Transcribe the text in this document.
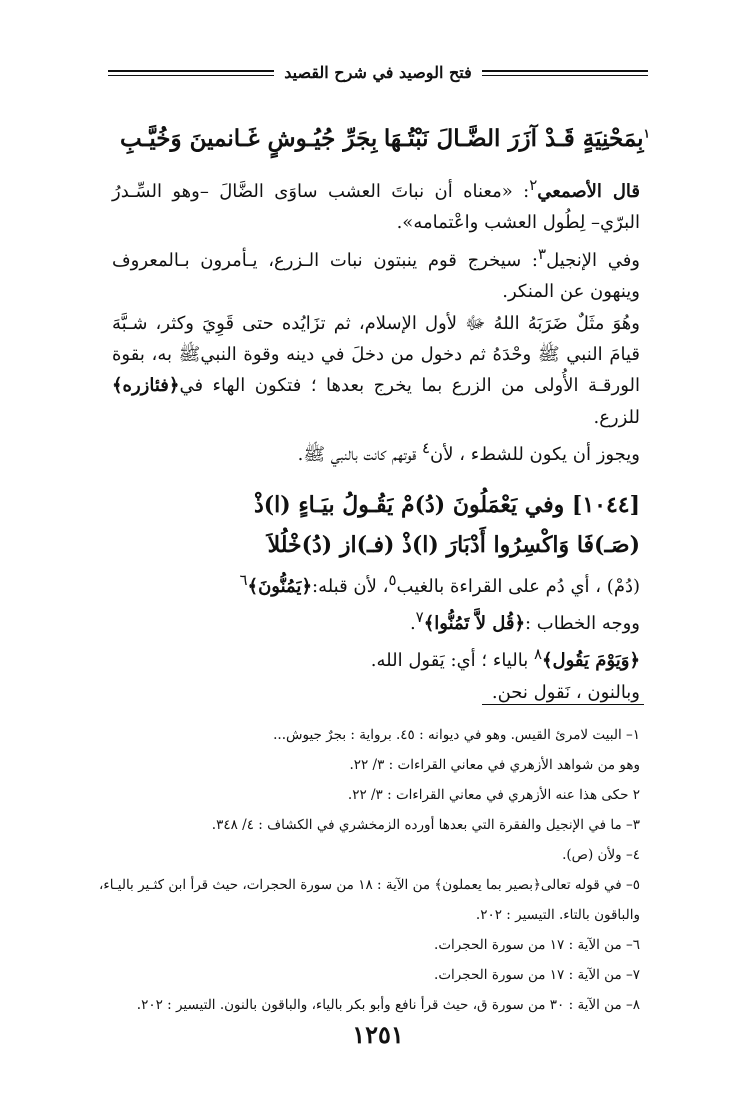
فتح الوصيد في شرح القصيد
$^١$بِمَحْنِيَةٍ قَـدْ آزَرَ الضَّـالَ نَبْتُـهَا
بِجَرِّ جُيُـوشٍ غَـانمينَ وَخُيَّـبِ

قال الأصمعي$^٢$: «معناه أن نباتَ العشب ساوَى الضَّالَ –وهو السِّـدرُ البرّي– لِطُول العشب واعْتمامه».

وفي الإنجيل$^٣$: سيخرج قوم ينبتون نبات الـزرع، يـأمرون بـالمعروف وينهون عن المنكر.

وهُوَ مثَلٌ ضَرَبَهُ اللهُ ﷻ لأول الإسلام، ثم تزَايُده حتى قَوِيَ وكثر، شـبَّهَ قيامَ النبي ﷺ وحْدَهُ ثم دخول من دخلَ في دينه وقوة النبيﷺ به، بقوة الورقـة الأُولى من الزرع بما يخرج بعدها ؛ فتكون الهاء في﴿فئازره﴾ للزرع.

ويجوز أن يكون للشطء ، لأن$^٤$ قوتهم كانت بالنبي ﷺ.

[١٠٤٤] وفي يَعْمَلُونَ (دُ)مْ يَقُـولُ بيَـاءٍ (ا)ذْ
(صَـ)فَا وَاكْسِرُوا أَدْبَارَ (ا)ذْ (فـ)از (دُ)خْلُلاَ

(دُمْ) ، أي دُم على القراءة بالغيب$^٥$، لأن قبله:﴿يَمُنُّونَ﴾$^٦$

ووجه الخطاب :﴿قُل لاَّ تَمُنُّوا﴾$^٧$.

﴿وَيَوْمَ يَقُول﴾$^٨$ بالياء ؛ أي: يَقول الله.

وبالنون ، نَقول نحن.

١– البيت لامرئ القيس. وهو في ديوانه : ٤٥. برواية : بجرٌ جيوش...

وهو من شواهد الأزهري في معاني القراءات : ٣/ ٢٢.

٢ حكى هذا عنه الأزهري في معاني القراءات : ٣/ ٢٢.

٣– ما في الإنجيل والفقرة التي بعدها أورده الزمخشري في الكشاف : ٤/ ٣٤٨.

٤– ولأن (ص).

٥– في قوله تعالى﴿بصير بما يعملون﴾ من الآية : ١٨ من سورة الحجرات، حيث قرأ ابن كثـير باليـاء،

والباقون بالتاء. التيسير : ٢٠٢.

٦– من الآية : ١٧ من سورة الحجرات.

٧– من الآية : ١٧ من سورة الحجرات.

٨– من الآية : ٣٠ من سورة ق، حيث قرأ نافع وأبو بكر بالياء، والباقون بالنون. التيسير : ٢٠٢.

١٢٥١
